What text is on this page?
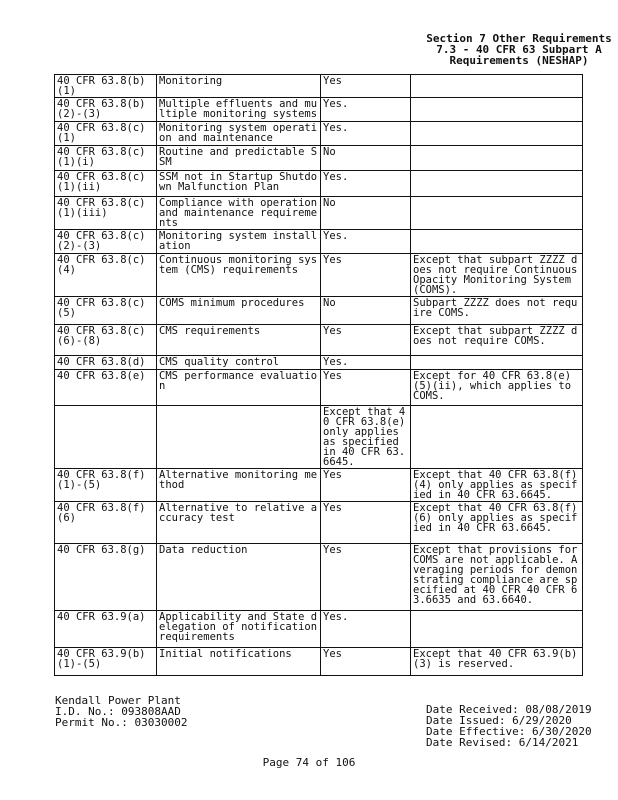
Section 7 Other Requirements
7.3 - 40 CFR 63 Subpart A
Requirements (NESHAP)
40 CFR 63.8(b)(1)	Monitoring	Yes	
40 CFR 63.8(b)(2)-(3)	Multiple effluents and multiple monitoring systems	Yes.	
40 CFR 63.8(c)(1)	Monitoring system operation and maintenance	Yes.	
40 CFR 63.8(c)(1)(i)	Routine and predictable SSM	No	
40 CFR 63.8(c)(1)(ii)	SSM not in Startup Shutdown Malfunction Plan	Yes.	
40 CFR 63.8(c)(1)(iii)	Compliance with operation and maintenance requirements	No	
40 CFR 63.8(c)(2)-(3)	Monitoring system installation	Yes.	
40 CFR 63.8(c)(4)	Continuous monitoring system (CMS) requirements	Yes	Except that subpart ZZZZ does not require Continuous Opacity Monitoring System (COMS).
40 CFR 63.8(c)(5)	COMS minimum procedures	No	Subpart ZZZZ does not require COMS.
40 CFR 63.8(c)(6)-(8)	CMS requirements	Yes	Except that subpart ZZZZ does not require COMS.
40 CFR 63.8(d)	CMS quality control	Yes.	
40 CFR 63.8(e)	CMS performance evaluation	Yes	Except for 40 CFR 63.8(e)(5)(ii), which applies to COMS.
		Except that 40 CFR 63.8(e) only applies as specified in 40 CFR 63.6645.	
40 CFR 63.8(f)(1)-(5)	Alternative monitoring method	Yes	Except that 40 CFR 63.8(f)(4) only applies as specified in 40 CFR 63.6645.
40 CFR 63.8(f)(6)	Alternative to relative accuracy test	Yes	Except that 40 CFR 63.8(f)(6) only applies as specified in 40 CFR 63.6645.
40 CFR 63.8(g)	Data reduction	Yes	Except that provisions for COMS are not applicable. Averaging periods for demonstrating compliance are specified at 40 CFR 40 CFR 63.6635 and 63.6640.
40 CFR 63.9(a)	Applicability and State delegation of notification requirements	Yes.	
40 CFR 63.9(b)(1)-(5)	Initial notifications	Yes	Except that 40 CFR 63.9(b)(3) is reserved.
Kendall Power Plant
I.D. No.: 093808AAD
Permit No.: 03030002
Date Received: 08/08/2019
Date Issued: 6/29/2020
Date Effective: 6/30/2020
Date Revised: 6/14/2021
Page 74 of 106
